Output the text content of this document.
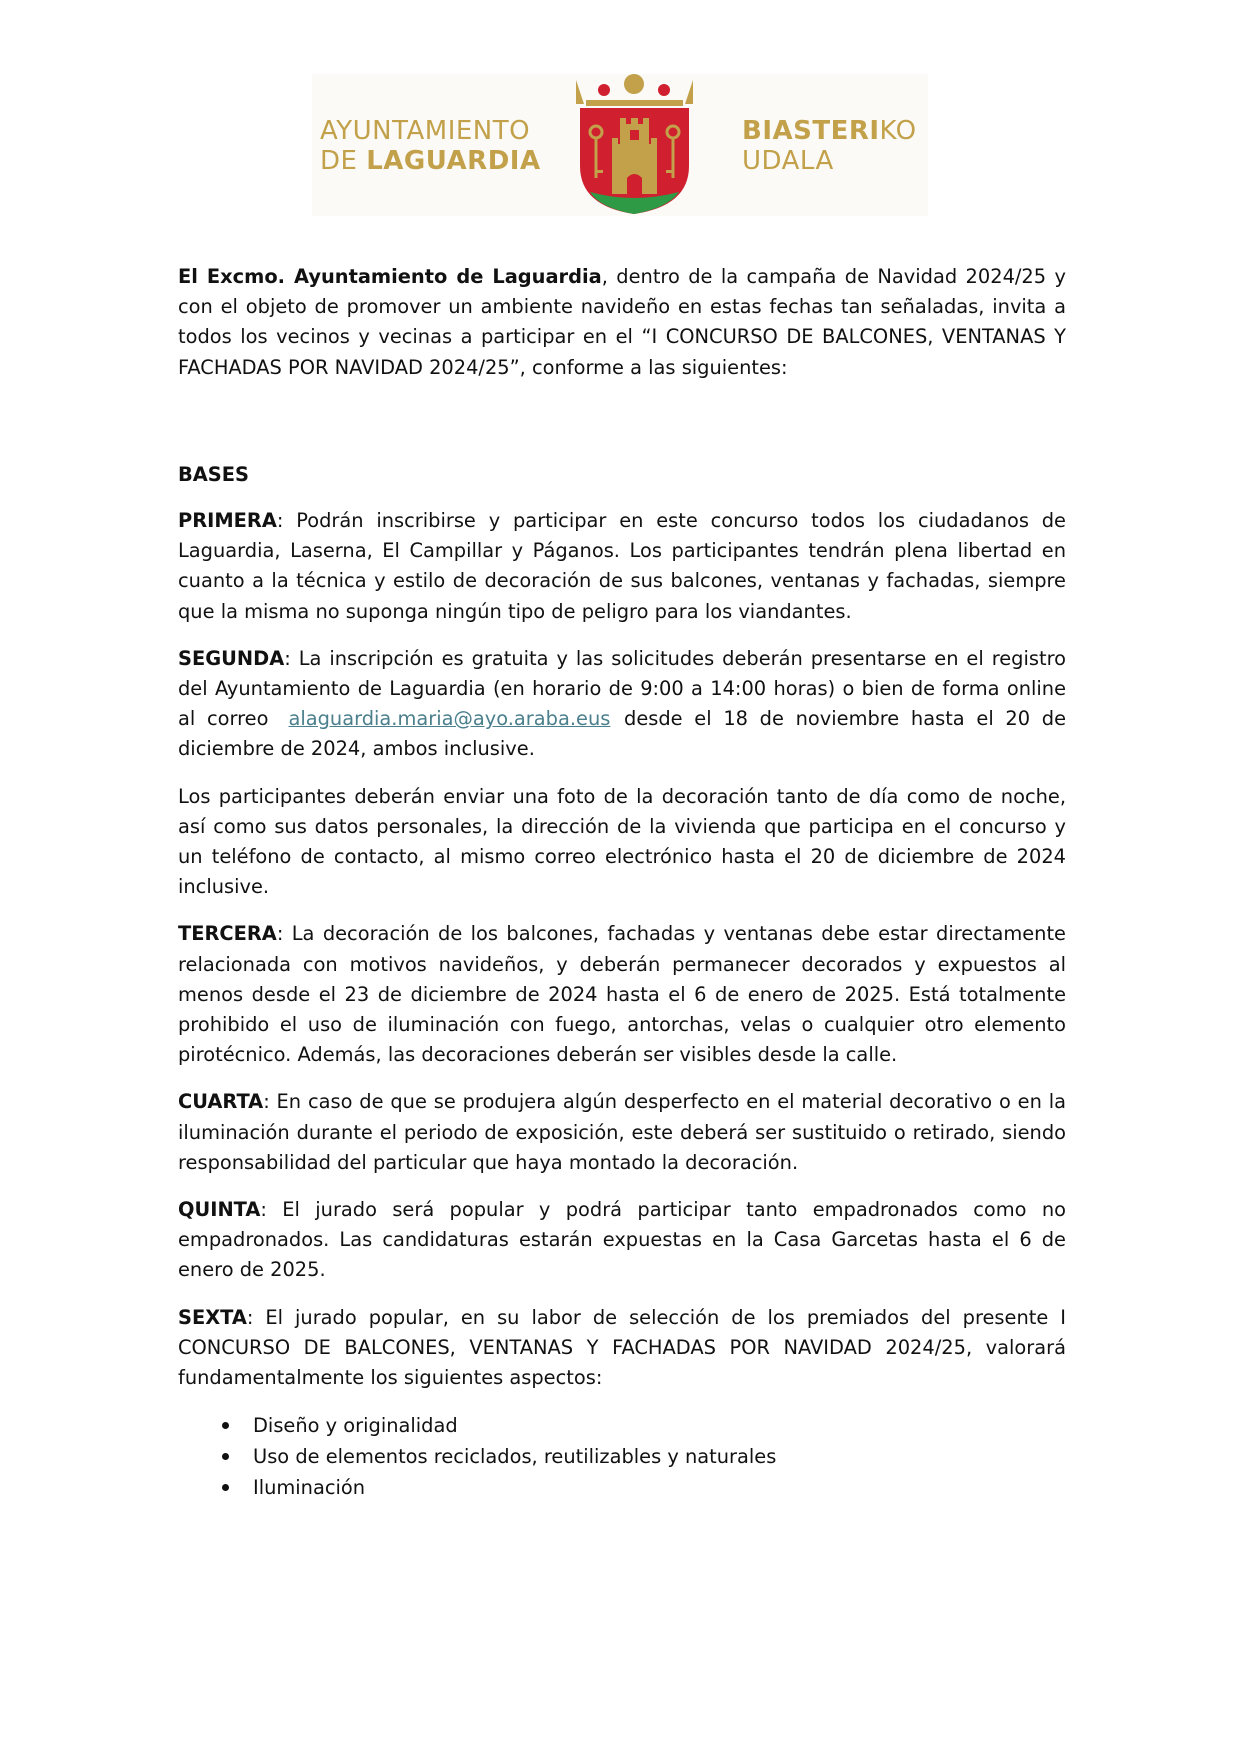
AYUNTAMIENTO
DE LAGUARDIA
BIASTERIKO
UDALA

El Excmo. Ayuntamiento de Laguardia, dentro de la campaña de Navidad 2024/25 y con el objeto de promover un ambiente navideño en estas fechas tan señaladas, invita a todos los vecinos y vecinas a participar en el “I CONCURSO DE BALCONES, VENTANAS Y FACHADAS POR NAVIDAD 2024/25”, conforme a las siguientes:

BASES

PRIMERA: Podrán inscribirse y participar en este concurso todos los ciudadanos de Laguardia, Laserna, El Campillar y Páganos. Los participantes tendrán plena libertad en cuanto a la técnica y estilo de decoración de sus balcones, ventanas y fachadas, siempre que la misma no suponga ningún tipo de peligro para los viandantes.

SEGUNDA: La inscripción es gratuita y las solicitudes deberán presentarse en el registro del Ayuntamiento de Laguardia (en horario de 9:00 a 14:00 horas) o bien de forma online al correo alaguardia.maria@ayo.araba.eus desde el 18 de noviembre hasta el 20 de diciembre de 2024, ambos inclusive.

Los participantes deberán enviar una foto de la decoración tanto de día como de noche, así como sus datos personales, la dirección de la vivienda que participa en el concurso y un teléfono de contacto, al mismo correo electrónico hasta el 20 de diciembre de 2024 inclusive.

TERCERA: La decoración de los balcones, fachadas y ventanas debe estar directamente relacionada con motivos navideños, y deberán permanecer decorados y expuestos al menos desde el 23 de diciembre de 2024 hasta el 6 de enero de 2025. Está totalmente prohibido el uso de iluminación con fuego, antorchas, velas o cualquier otro elemento pirotécnico. Además, las decoraciones deberán ser visibles desde la calle.

CUARTA: En caso de que se produjera algún desperfecto en el material decorativo o en la iluminación durante el periodo de exposición, este deberá ser sustituido o retirado, siendo responsabilidad del particular que haya montado la decoración.

QUINTA: El jurado será popular y podrá participar tanto empadronados como no empadronados. Las candidaturas estarán expuestas en la Casa Garcetas hasta el 6 de enero de 2025.

SEXTA: El jurado popular, en su labor de selección de los premiados del presente I CONCURSO DE BALCONES, VENTANAS Y FACHADAS POR NAVIDAD 2024/25, valorará fundamentalmente los siguientes aspectos:

Diseño y originalidad
Uso de elementos reciclados, reutilizables y naturales
Iluminación
